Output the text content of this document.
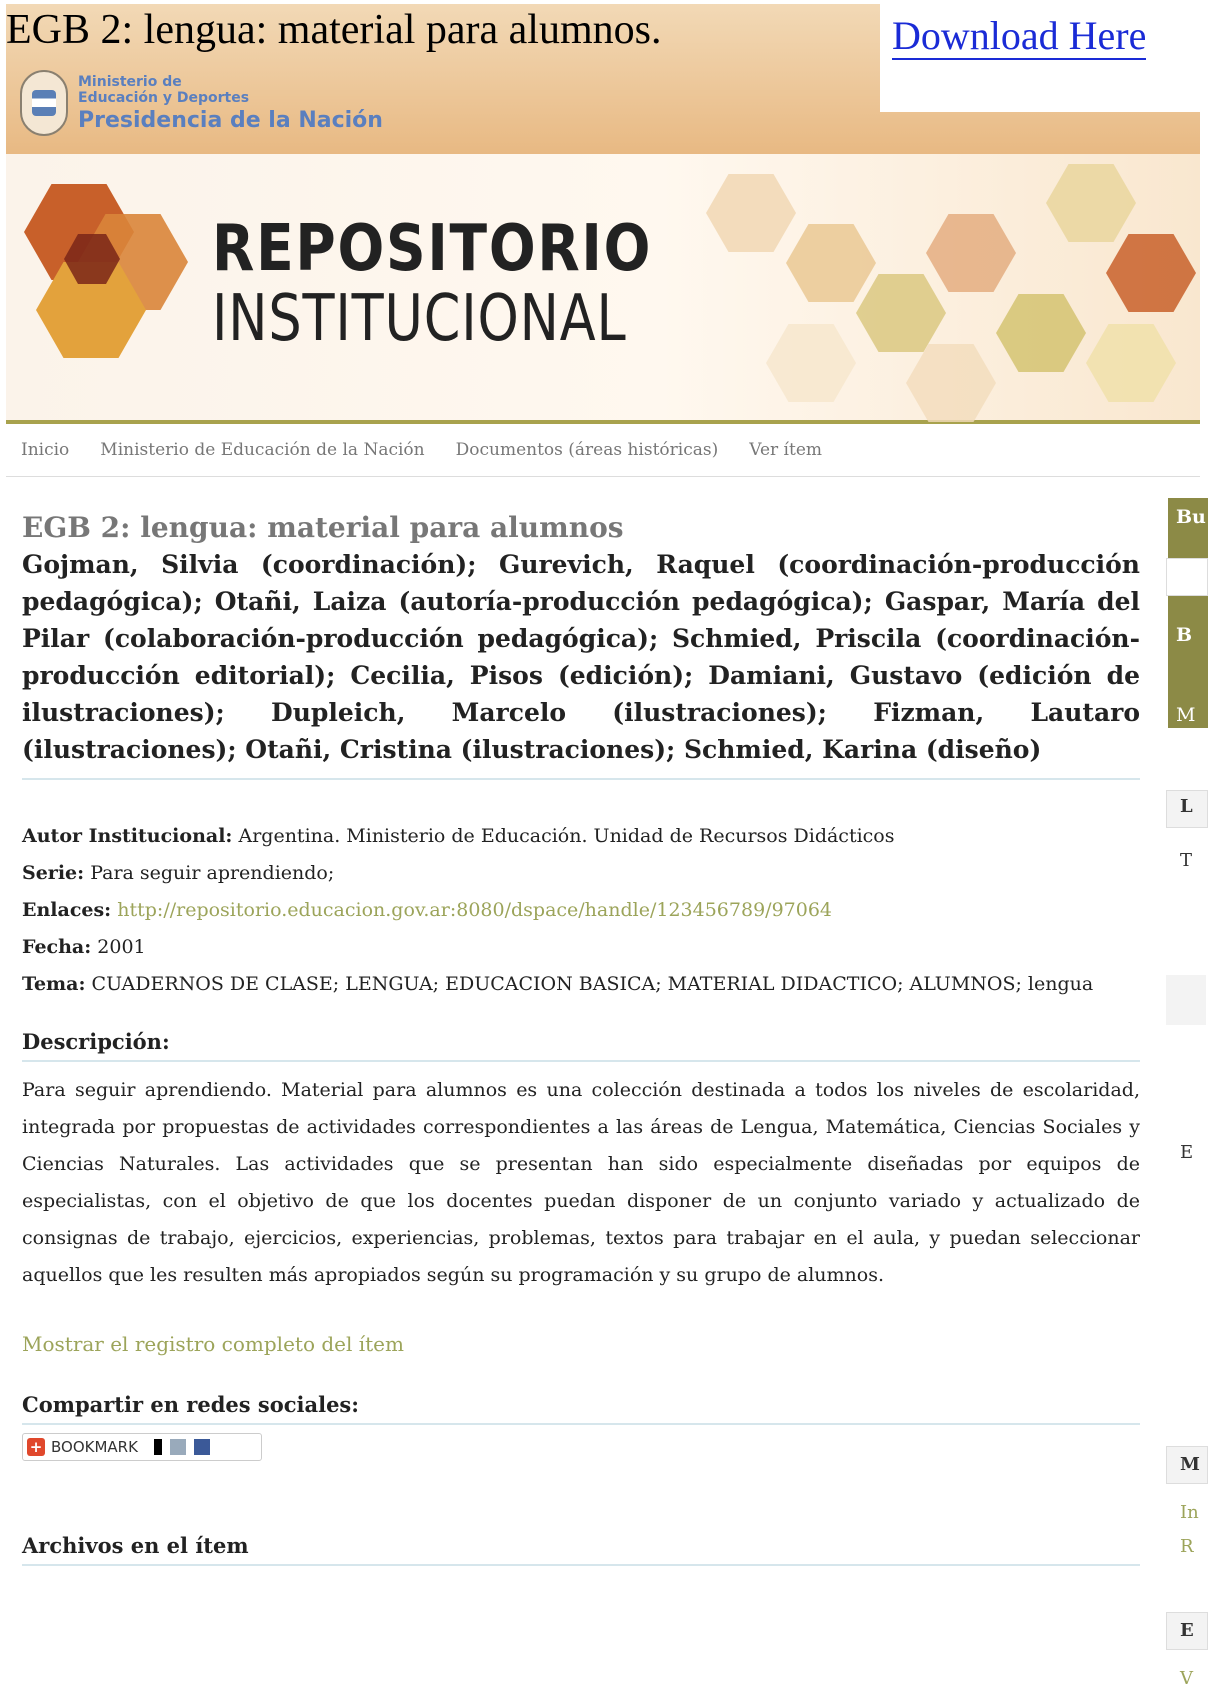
EGB 2: lengua: material para alumnos.	Download Here
Ministerio de
Educación y Deportes
Presidencia de la Nación
REPOSITORIO
INSTITUCIONAL
Inicio Ministerio de Educación de la Nación Documentos (áreas históricas) Ver ítem
EGB 2: lengua: material para alumnos

Gojman, Silvia (coordinación); Gurevich, Raquel (coordinación-producción pedagógica); Otañi, Laiza (autoría-producción pedagógica); Gaspar, María del Pilar (colaboración-producción pedagógica); Schmied, Priscila (coordinación-producción editorial); Cecilia, Pisos (edición); Damiani, Gustavo (edición de ilustraciones); Dupleich, Marcelo (ilustraciones); Fizman, Lautaro (ilustraciones); Otañi, Cristina (ilustraciones); Schmied, Karina (diseño)

Autor Institucional: Argentina. Ministerio de Educación. Unidad de Recursos Didácticos
Serie: Para seguir aprendiendo;
Enlaces: http://repositorio.educacion.gov.ar:8080/dspace/handle/123456789/97064
Fecha: 2001
Tema: CUADERNOS DE CLASE; LENGUA; EDUCACION BASICA; MATERIAL DIDACTICO; ALUMNOS; lengua
Descripción:

Para seguir aprendiendo. Material para alumnos es una colección destinada a todos los niveles de escolaridad, integrada por propuestas de actividades correspondientes a las áreas de Lengua, Matemática, Ciencias Sociales y Ciencias Naturales. Las actividades que se presentan han sido especialmente diseñadas por equipos de especialistas, con el objetivo de que los docentes puedan disponer de un conjunto variado y actualizado de consignas de trabajo, ejercicios, experiencias, problemas, textos para trabajar en el aula, y puedan seleccionar aquellos que les resulten más apropiados según su programación y su grupo de alumnos.

Mostrar el registro completo del ítem
Compartir en redes sociales:
+ BOOKMARK
Archivos en el ítem
Bu
B
M
L
T
E
M
In
R
E
V
